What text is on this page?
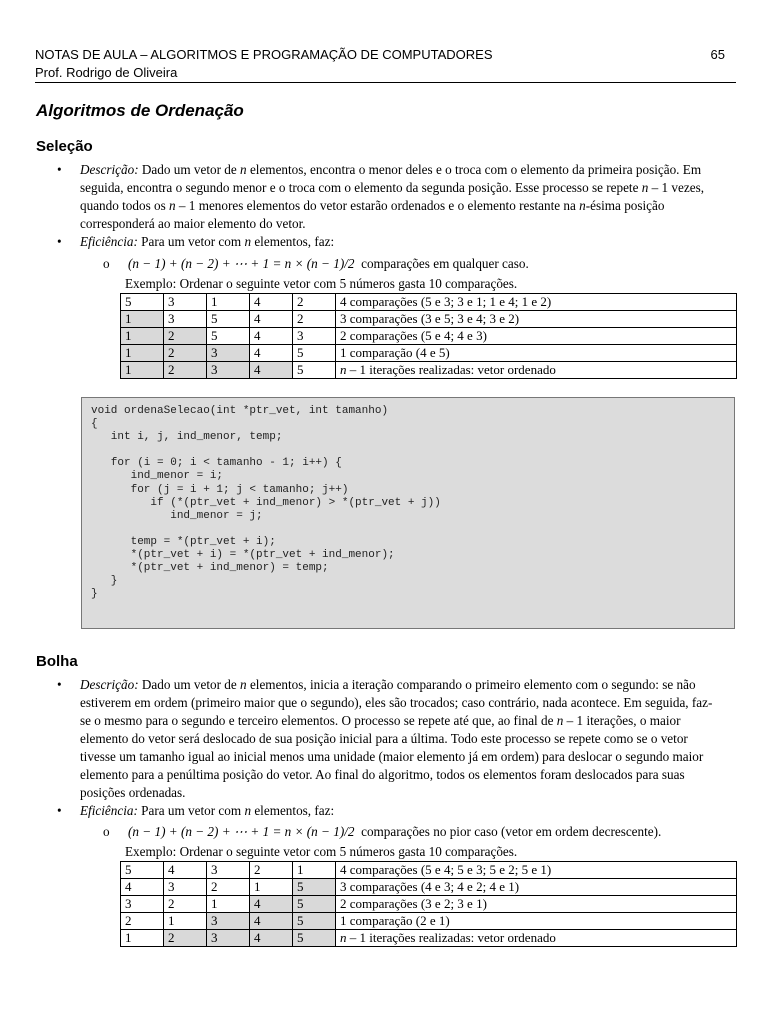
NOTAS DE AULA – ALGORITMOS E PROGRAMAÇÃO DE COMPUTADORES	65
Prof. Rodrigo de Oliveira
Algoritmos de Ordenação
Seleção
• Descrição: Dado um vetor de n elementos, encontra o menor deles e o troca com o elemento da primeira posição. Em seguida, encontra o segundo menor e o troca com o elemento da segunda posição. Esse processo se repete n – 1 vezes, quando todos os n – 1 menores elementos do vetor estarão ordenados e o elemento restante na n-ésima posição corresponderá ao maior elemento do vetor.
• Eficiência: Para um vetor com n elementos, faz:
o (n − 1) + (n − 2) + ⋯ + 1 = n × (n − 1)/2 comparações em qualquer caso.
Exemplo: Ordenar o seguinte vetor com 5 números gasta 10 comparações.
5	3	1	4	2	4 comparações (5 e 3; 3 e 1; 1 e 4; 1 e 2)
1	3	5	4	2	3 comparações (3 e 5; 3 e 4; 3 e 2)
1	2	5	4	3	2 comparações (5 e 4; 4 e 3)
1	2	3	4	5	1 comparação (4 e 5)
1	2	3	4	5	n – 1 iterações realizadas: vetor ordenado
void ordenaSelecao(int *ptr_vet, int tamanho)
{
int i, j, ind_menor, temp;

for (i = 0; i < tamanho - 1; i++) {
ind_menor = i;
for (j = i + 1; j < tamanho; j++)
if (*(ptr_vet + ind_menor) > *(ptr_vet + j))
ind_menor = j;

temp = *(ptr_vet + i);
*(ptr_vet + i) = *(ptr_vet + ind_menor);
*(ptr_vet + ind_menor) = temp;
}
}
Bolha
• Descrição: Dado um vetor de n elementos, inicia a iteração comparando o primeiro elemento com o segundo: se não estiverem em ordem (primeiro maior que o segundo), eles são trocados; caso contrário, nada acontece. Em seguida, faz-se o mesmo para o segundo e terceiro elementos. O processo se repete até que, ao final de n – 1 iterações, o maior elemento do vetor será deslocado de sua posição inicial para a última. Todo este processo se repete como se o vetor tivesse um tamanho igual ao inicial menos uma unidade (maior elemento já em ordem) para deslocar o segundo maior elemento para a penúltima posição do vetor. Ao final do algoritmo, todos os elementos foram deslocados para suas posições ordenadas.
• Eficiência: Para um vetor com n elementos, faz:
o (n − 1) + (n − 2) + ⋯ + 1 = n × (n − 1)/2 comparações no pior caso (vetor em ordem decrescente).
Exemplo: Ordenar o seguinte vetor com 5 números gasta 10 comparações.
5	4	3	2	1	4 comparações (5 e 4; 5 e 3; 5 e 2; 5 e 1)
4	3	2	1	5	3 comparações (4 e 3; 4 e 2; 4 e 1)
3	2	1	4	5	2 comparações (3 e 2; 3 e 1)
2	1	3	4	5	1 comparação (2 e 1)
1	2	3	4	5	n – 1 iterações realizadas: vetor ordenado
